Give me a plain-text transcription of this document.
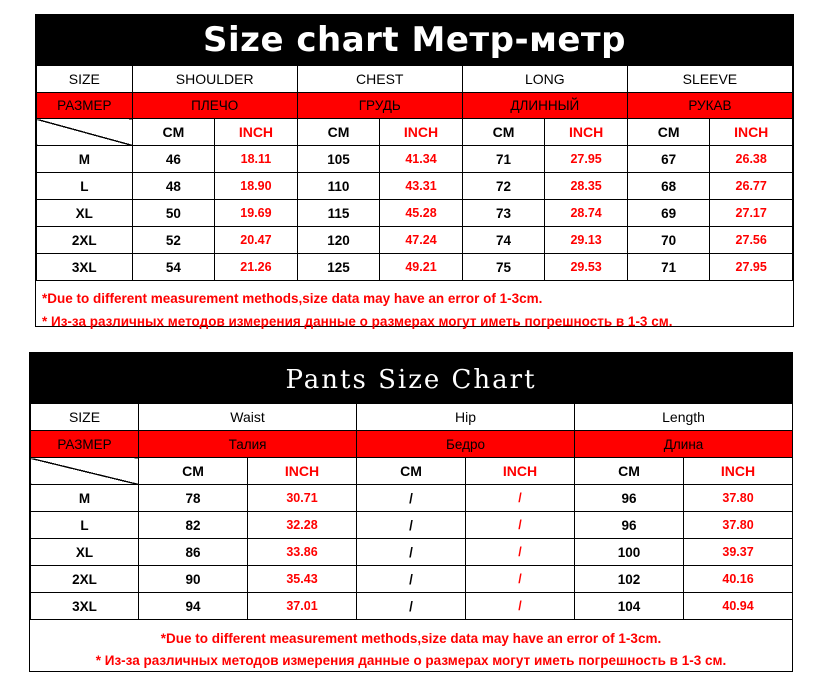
Size chart Метр-метр
SIZE	SHOULDER		CHEST		LONG		SLEEVE	
РАЗМЕР	ПЛЕЧО		ГРУДЬ		ДЛИННЫЙ		РУКАВ	
	CM	INCH	CM	INCH	CM	INCH	CM	INCH
M	46	18.11	105	41.34	71	27.95	67	26.38
L	48	18.90	110	43.31	72	28.35	68	26.77
XL	50	19.69	115	45.28	73	28.74	69	27.17
2XL	52	20.47	120	47.24	74	29.13	70	27.56
3XL	54	21.26	125	49.21	75	29.53	71	27.95
*Due to different measurement methods,size data may have an error of 1-3cm.
* Из-за различных методов измерения данные о размерах могут иметь погрешность в 1-3 см.
Pants Size Chart
SIZE	Waist		Hip		Length	
РАЗМЕР	Талия		Бедро		Длина	
	CM	INCH	CM	INCH	CM	INCH
M	78	30.71	/	/	96	37.80
L	82	32.28	/	/	96	37.80
XL	86	33.86	/	/	100	39.37
2XL	90	35.43	/	/	102	40.16
3XL	94	37.01	/	/	104	40.94
*Due to different measurement methods,size data may have an error of 1-3cm.
* Из-за различных методов измерения данные о размерах могут иметь погрешность в 1-3 см.
